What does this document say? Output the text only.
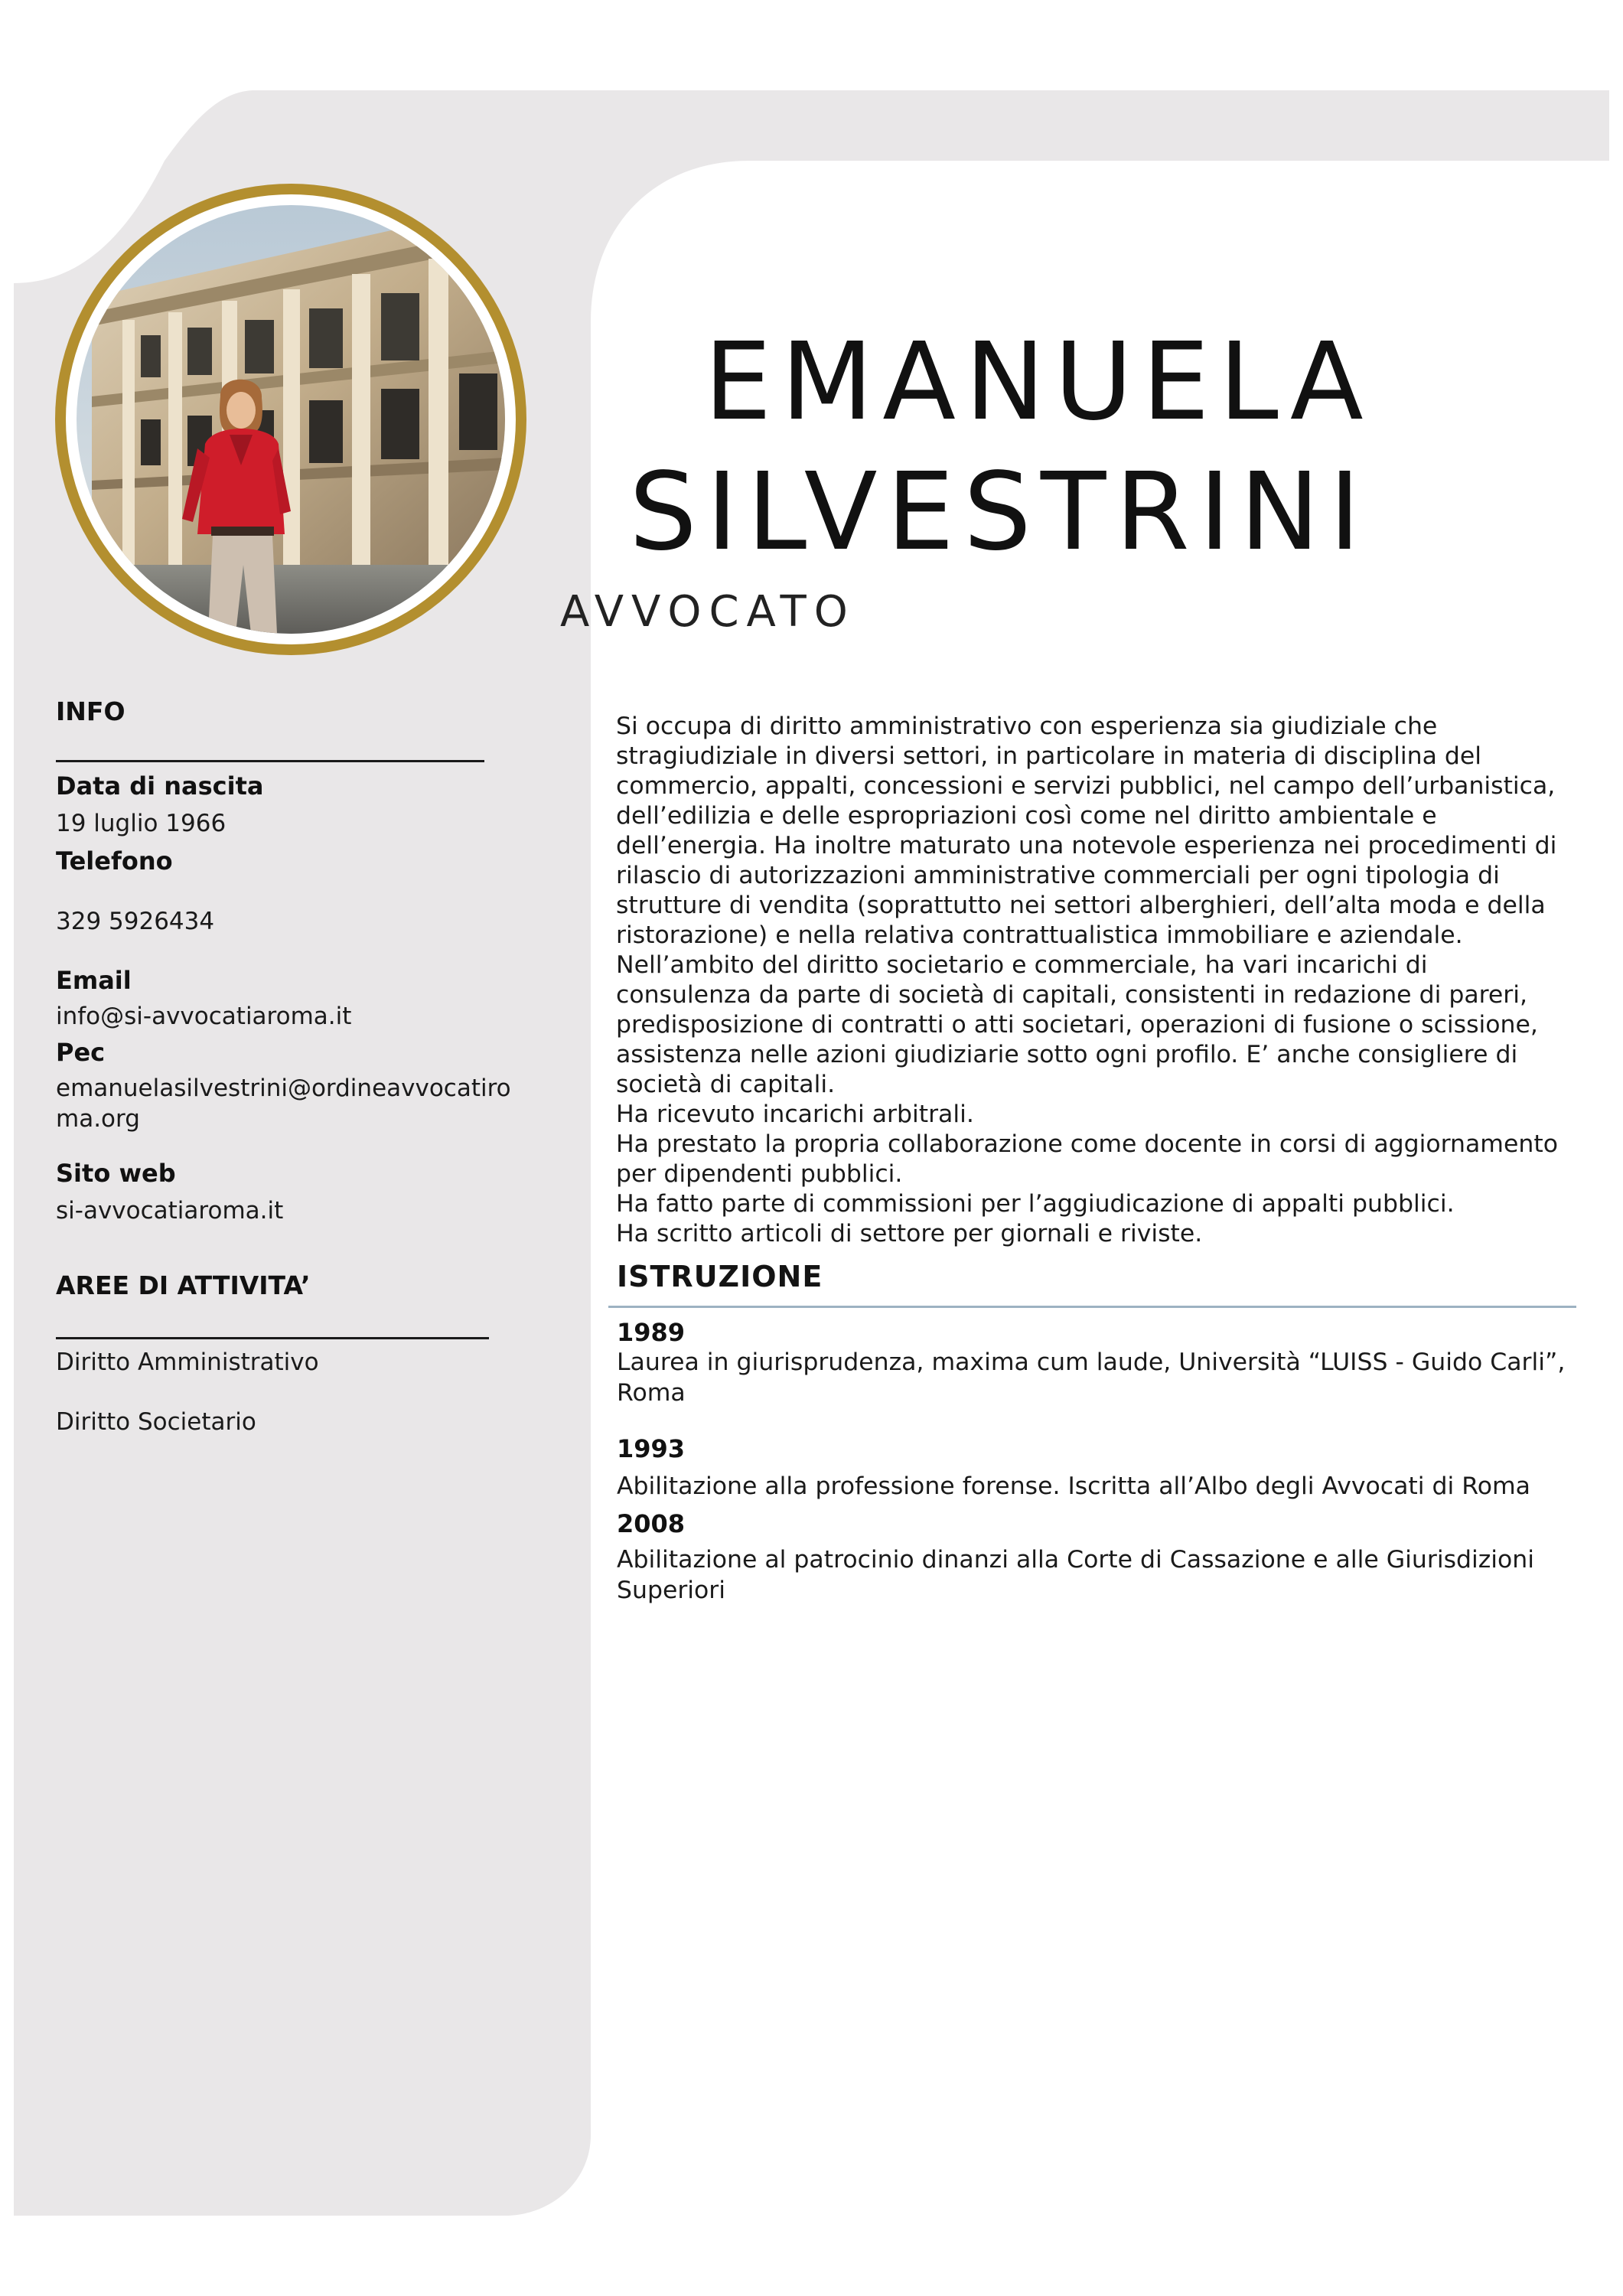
EMANUELA
SILVESTRINI
AVVOCATO
INFO
Data di nascita
19 luglio 1966
Telefono
329 5926434
Email
info@si-avvocatiaroma.it
Pec
emanuelasilvestrini@ordineavvocatiro
ma.org
Sito web
si-avvocatiaroma.it
AREE DI ATTIVITA’
Diritto Amministrativo
Diritto Societario

Si occupa di diritto amministrativo con esperienza sia giudiziale che stragiudiziale in diversi settori, in particolare in materia di disciplina del commercio, appalti, concessioni e servizi pubblici, nel campo dell’urbanistica, dell’edilizia e delle espropriazioni così come nel diritto ambientale e dell’energia. Ha inoltre maturato una notevole esperienza nei procedimenti di rilascio di autorizzazioni amministrative commerciali per ogni tipologia di strutture di vendita (soprattutto nei settori alberghieri, dell’alta moda e della ristorazione) e nella relativa contrattualistica immobiliare e aziendale.

Nell’ambito del diritto societario e commerciale, ha vari incarichi di consulenza da parte di società di capitali, consistenti in redazione di pareri, predisposizione di contratti o atti societari, operazioni di fusione o scissione, assistenza nelle azioni giudiziarie sotto ogni profilo. E’ anche consigliere di società di capitali.

Ha ricevuto incarichi arbitrali.

Ha prestato la propria collaborazione come docente in corsi di aggiornamento per dipendenti pubblici.

Ha fatto parte di commissioni per l’aggiudicazione di appalti pubblici.

Ha scritto articoli di settore per giornali e riviste.

ISTRUZIONE
1989
Laurea in giurisprudenza, maxima cum laude, Università “LUISS - Guido Carli”, Roma
1993
Abilitazione alla professione forense. Iscritta all’Albo degli Avvocati di Roma
2008
Abilitazione al patrocinio dinanzi alla Corte di Cassazione e alle Giurisdizioni Superiori
